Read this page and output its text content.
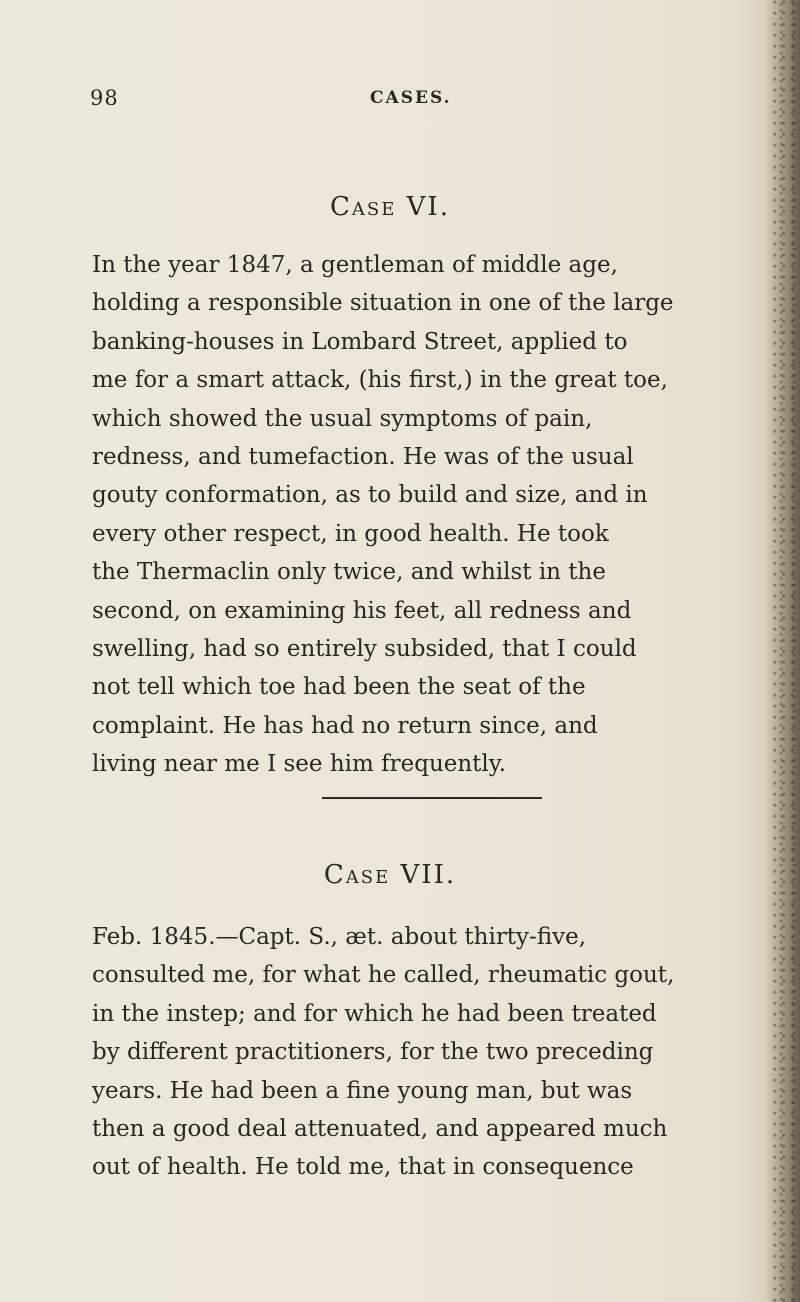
98	CASES.
Case VI.

In the year 1847, a gentleman of middle age,
holding a responsible situation in one of the large
banking-houses in Lombard Street, applied to
me for a smart attack, (his first,) in the great toe,
which showed the usual symptoms of pain,
redness, and tumefaction. He was of the usual
gouty conformation, as to build and size, and in
every other respect, in good health. He took
the Thermaclin only twice, and whilst in the
second, on examining his feet, all redness and
swelling, had so entirely subsided, that I could
not tell which toe had been the seat of the
complaint. He has had no return since, and
living near me I see him frequently.

Case VII.

Feb. 1845.—Capt. S., æt. about thirty-five,
consulted me, for what he called, rheumatic gout,
in the instep; and for which he had been treated
by different practitioners, for the two preceding
years. He had been a fine young man, but was
then a good deal attenuated, and appeared much
out of health. He told me, that in consequence
